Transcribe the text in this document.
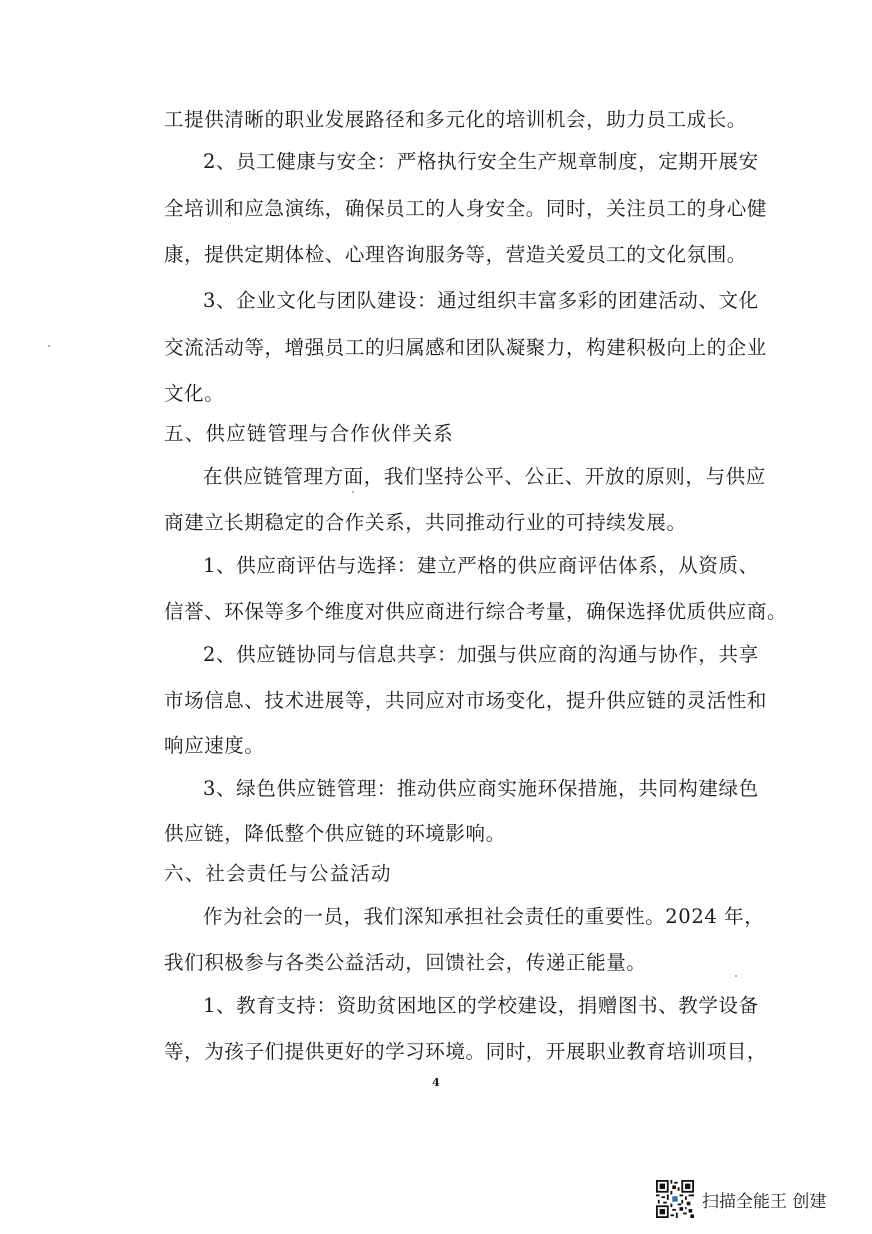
工提供清晰的职业发展路径和多元化的培训机会，助力员工成长。
2、员工健康与安全：严格执行安全生产规章制度，定期开展安
全培训和应急演练，确保员工的人身安全。同时，关注员工的身心健
康，提供定期体检、心理咨询服务等，营造关爱员工的文化氛围。
3、企业文化与团队建设：通过组织丰富多彩的团建活动、文化
交流活动等，增强员工的归属感和团队凝聚力，构建积极向上的企业
文化。
五、供应链管理与合作伙伴关系
在供应链管理方面，我们坚持公平、公正、开放的原则，与供应
商建立长期稳定的合作关系，共同推动行业的可持续发展。
1、供应商评估与选择：建立严格的供应商评估体系，从资质、
信誉、环保等多个维度对供应商进行综合考量，确保选择优质供应商。
2、供应链协同与信息共享：加强与供应商的沟通与协作，共享
市场信息、技术进展等，共同应对市场变化，提升供应链的灵活性和
响应速度。
3、绿色供应链管理：推动供应商实施环保措施，共同构建绿色
供应链，降低整个供应链的环境影响。
六、社会责任与公益活动
作为社会的一员，我们深知承担社会责任的重要性。2024 年，
我们积极参与各类公益活动，回馈社会，传递正能量。
1、教育支持：资助贫困地区的学校建设，捐赠图书、教学设备
等，为孩子们提供更好的学习环境。同时，开展职业教育培训项目，
4
扫描全能王 创建
